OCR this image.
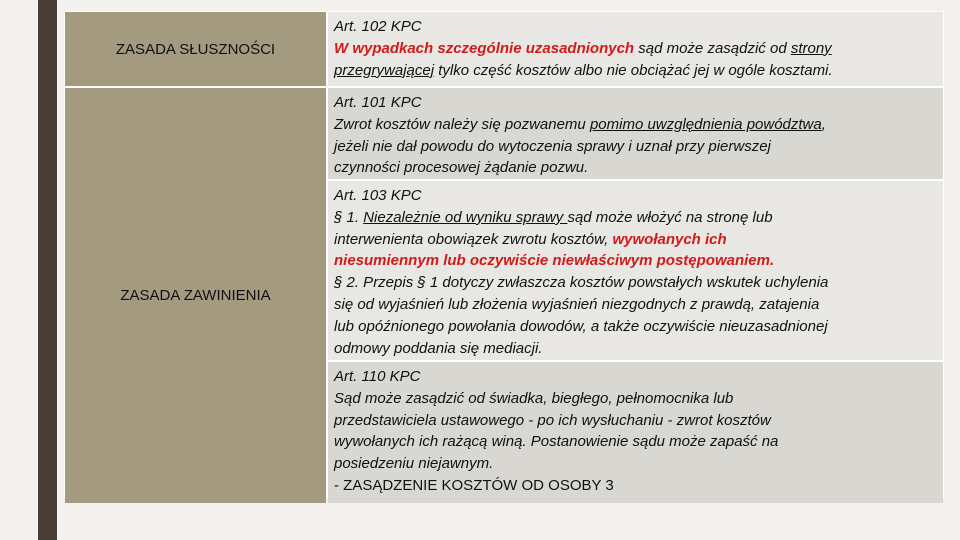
ZASADA SŁUSZNOŚCI
Art. 102 KPC
W wypadkach szczególnie uzasadnionych sąd może zasądzić od strony
przegrywającej tylko część kosztów albo nie obciążać jej w ogóle kosztami.
ZASADA ZAWINIENIA
Art. 101 KPC
Zwrot kosztów należy się pozwanemu pomimo uwzględnienia powództwa,
jeżeli nie dał powodu do wytoczenia sprawy i uznał przy pierwszej
czynności procesowej żądanie pozwu.
Art. 103 KPC
§ 1. Niezależnie od wyniku sprawy sąd może włożyć na stronę lub
interwenienta obowiązek zwrotu kosztów, wywołanych ich
niesumiennym lub oczywiście niewłaściwym postępowaniem.
§ 2. Przepis § 1 dotyczy zwłaszcza kosztów powstałych wskutek uchylenia
się od wyjaśnień lub złożenia wyjaśnień niezgodnych z prawdą, zatajenia
lub opóźnionego powołania dowodów, a także oczywiście nieuzasadnionej
odmowy poddania się mediacji.
Art. 110 KPC
Sąd może zasądzić od świadka, biegłego, pełnomocnika lub
przedstawiciela ustawowego - po ich wysłuchaniu - zwrot kosztów
wywołanych ich rażącą winą. Postanowienie sądu może zapaść na
posiedzeniu niejawnym.
- ZASĄDZENIE KOSZTÓW OD OSOBY 3
